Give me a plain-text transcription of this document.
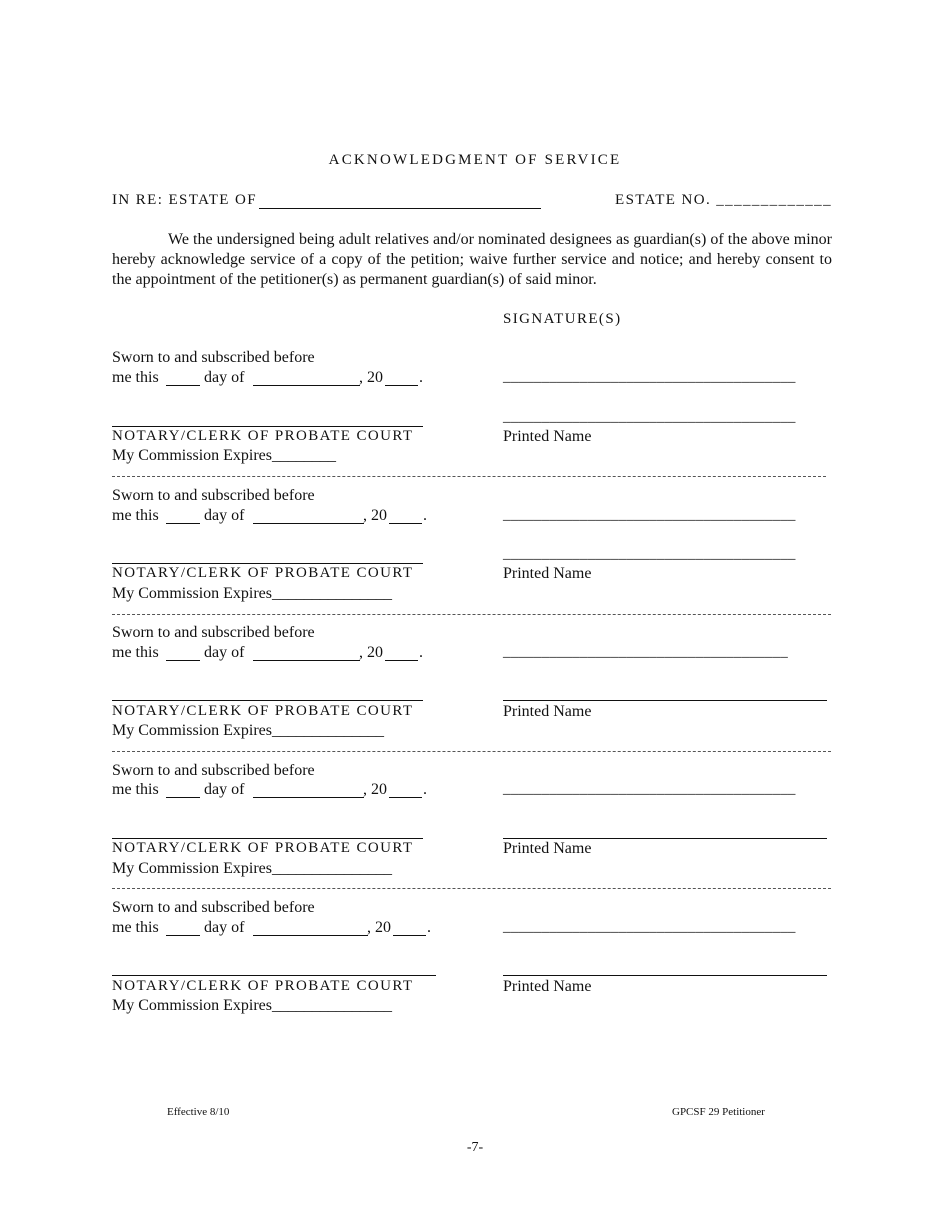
ACKNOWLEDGMENT OF SERVICE
IN RE: ESTATE OF	ESTATE NO. _____________
We the undersigned being adult relatives and/or nominated designees as guardian(s) of the above minor hereby acknowledge service of a copy of the petition; waive further service and notice; and hereby consent to the appointment of the petitioner(s) as permanent guardian(s) of said minor.
SIGNATURE(S)
Sworn to and subscribed before
me this	day of	, 20 .	______________________________________
______________________________________
NOTARY/CLERK OF PROBATE COURT	Printed Name
My Commission Expires________
Sworn to and subscribed before
me this	day of	, 20 .	______________________________________
______________________________________
NOTARY/CLERK OF PROBATE COURT	Printed Name
My Commission Expires_______________
Sworn to and subscribed before
me this	day of	, 20 .	_____________________________________
NOTARY/CLERK OF PROBATE COURT	Printed Name
My Commission Expires______________
Sworn to and subscribed before
me this	day of	, 20 .	______________________________________
NOTARY/CLERK OF PROBATE COURT	Printed Name
My Commission Expires_______________
Sworn to and subscribed before
me this	day of	, 20 .	______________________________________
NOTARY/CLERK OF PROBATE COURT	Printed Name
My Commission Expires_______________
Effective 8/10	GPCSF 29 Petitioner
-7-
